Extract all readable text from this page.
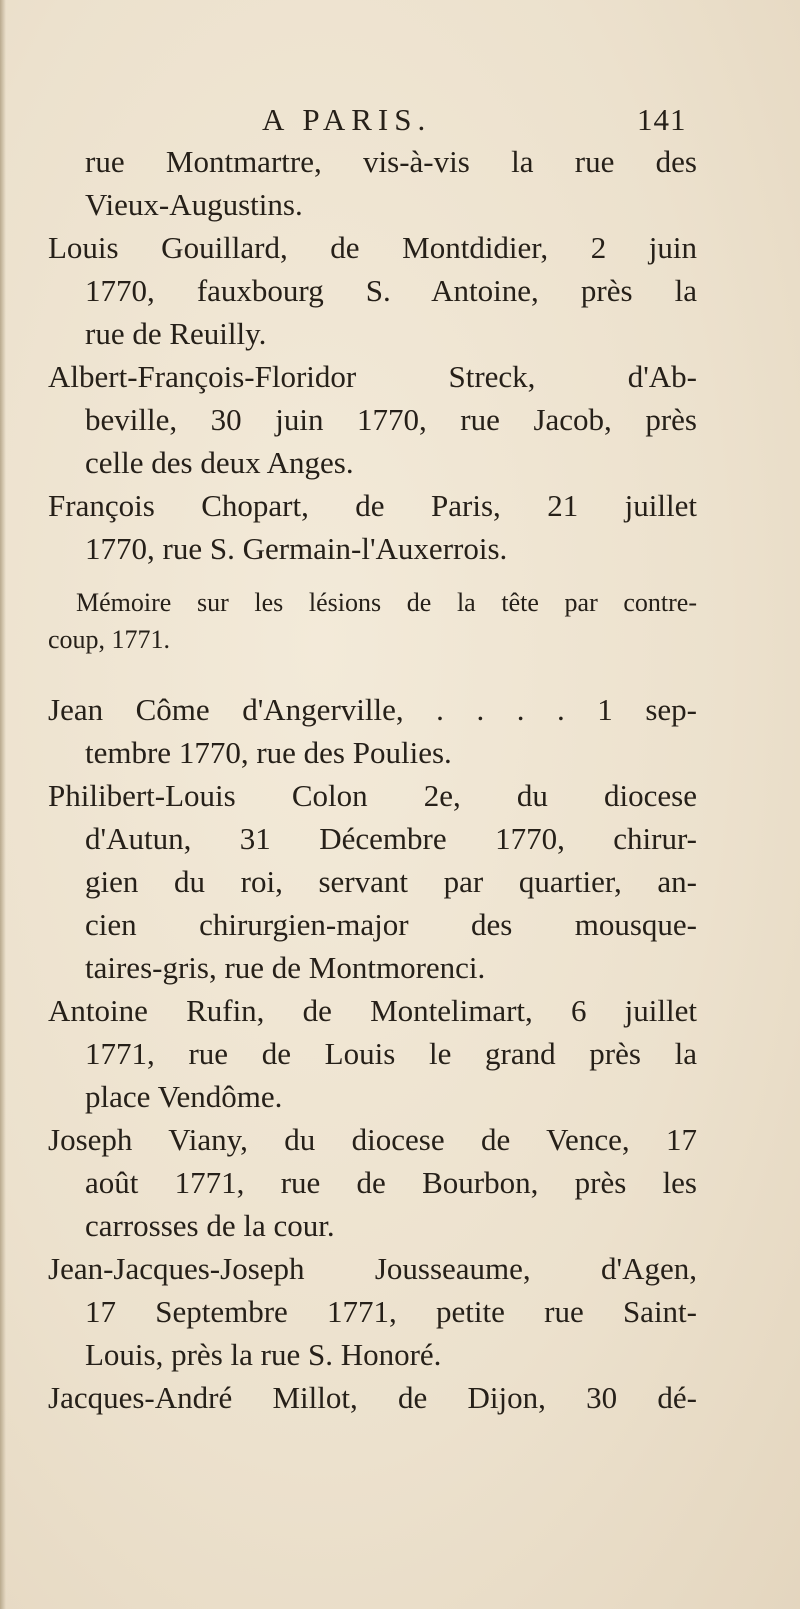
A PARIS.	141
rue Montmartre, vis-à-vis la rue des
Vieux-Augustins.
Louis Gouillard, de Montdidier, 2 juin
1770, fauxbourg S. Antoine, près la
rue de Reuilly.
Albert-François-Floridor Streck, d'Ab-
beville, 30 juin 1770, rue Jacob, près
celle des deux Anges.
François Chopart, de Paris, 21 juillet
1770, rue S. Germain-l'Auxerrois.
Mémoire sur les lésions de la tête par contre-
coup, 1771.
Jean Côme d'Angerville, . . . . 1 sep-
tembre 1770, rue des Poulies.
Philibert-Louis Colon 2e, du diocese
d'Autun, 31 Décembre 1770, chirur-
gien du roi, servant par quartier, an-
cien chirurgien-major des mousque-
taires-gris, rue de Montmorenci.
Antoine Rufin, de Montelimart, 6 juillet
1771, rue de Louis le grand près la
place Vendôme.
Joseph Viany, du diocese de Vence, 17
août 1771, rue de Bourbon, près les
carrosses de la cour.
Jean-Jacques-Joseph Jousseaume, d'Agen,
17 Septembre 1771, petite rue Saint-
Louis, près la rue S. Honoré.
Jacques-André Millot, de Dijon, 30 dé-
